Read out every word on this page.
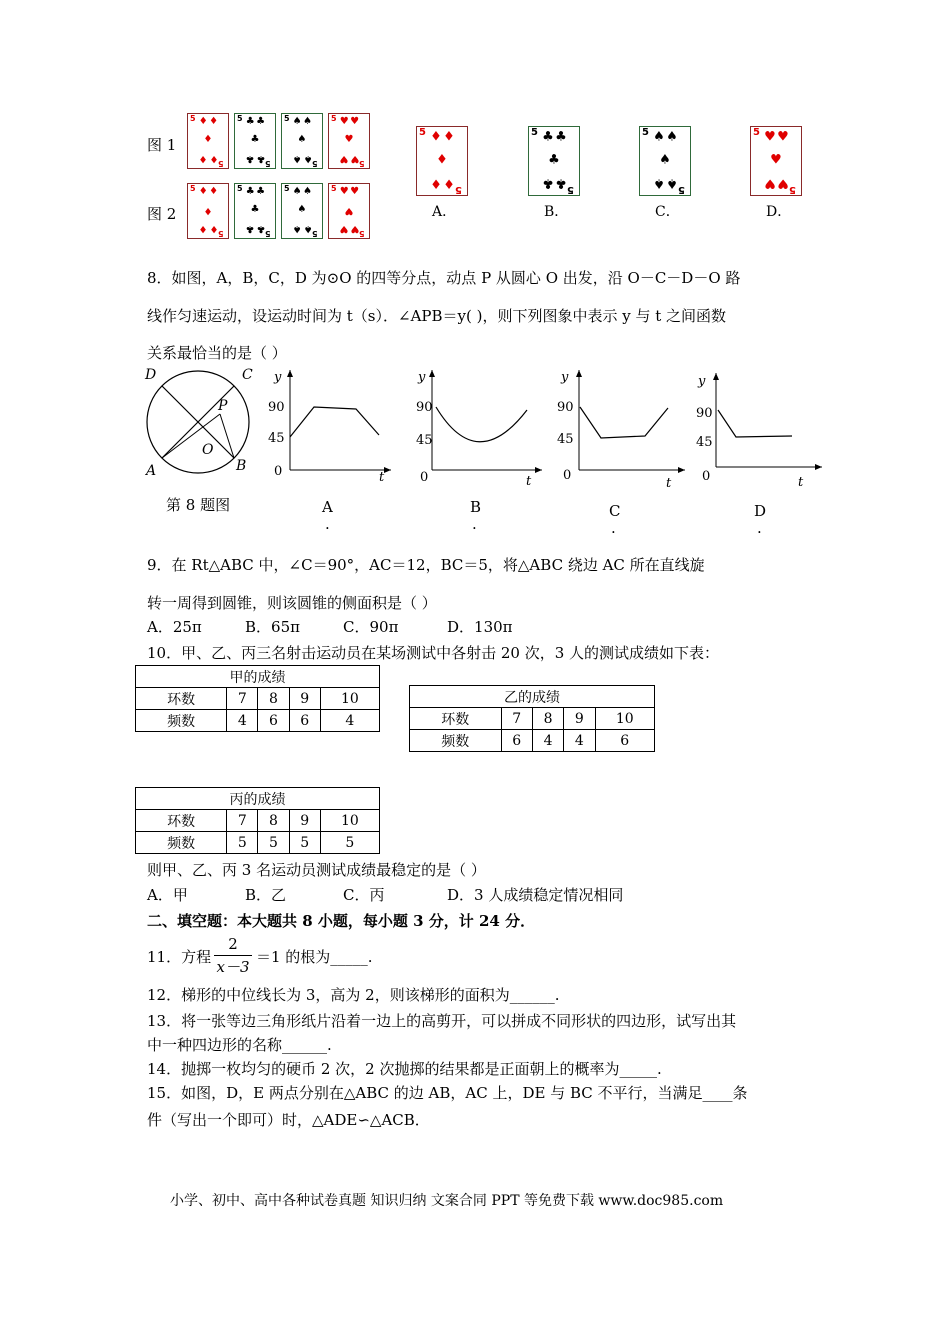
图 1
图 2
5
5
♦ ♦
♦
♦ ♦
5
5
♣ ♣
♣
♣ ♣
5
5
♠ ♠
♠
♠ ♠
5
5
♥ ♥
♥
♥ ♥
5
5
♦ ♦
♦
♦ ♦
5
5
♣ ♣
♣
♣ ♣
5
5
♠ ♠
♠
♠ ♠
5
5
♥ ♥
♥
♥ ♥
5
5
♦ ♦
♦
♦ ♦
A．
5
5
♣ ♣
♣
♣ ♣
B．
5
5
♠ ♠
♠
♠ ♠
C．
5
5
♥ ♥
♥
♥ ♥
D．
8．如图，A，B，C，D 为⊙O 的四等分点，动点 P 从圆心 O 出发，沿 O－C－D－O 路
线作匀速运动，设运动时间为 t（s）．∠APB＝y( )，则下列图象中表示 y 与 t 之间函数
关系最恰当的是（ ）
D	C
P
O
A	B
第 8 题图
y
90
45
0	t
y
90
45
0	t
y
90
45
0
t
y
90
45
0	t
A
.
B
.
C
.
D
.
9．在 Rt△ABC 中，∠C＝90°，AC＝12，BC＝5，将△ABC 绕边 AC 所在直线旋
转一周得到圆锥，则该圆锥的侧面积是（ ）
A．25π	B．65π	C．90π	D．130π
10．甲、乙、丙三名射击运动员在某场测试中各射击 20 次，3 人的测试成绩如下表：
甲的成绩				
环数	7	8	9	10
频数	4	6	6	4
乙的成绩				
环数	7	8	9	10
频数	6	4	4	6
丙的成绩				
环数	7	8	9	10
频数	5	5	5	5
则甲、乙、丙 3 名运动员测试成绩最稳定的是（ ）
A．甲	B．乙	C．丙	D．3 人成绩稳定情况相同
二、填空题：本大题共 8 小题，每小题 3 分，计 24 分．
11．方程
2
x－3
＝1 的根为_____.
12．梯形的中位线长为 3，高为 2，则该梯形的面积为______.
13．将一张等边三角形纸片沿着一边上的高剪开，可以拼成不同形状的四边形，试写出其
中一种四边形的名称______.
14．抛掷一枚均匀的硬币 2 次，2 次抛掷的结果都是正面朝上的概率为_____.
15．如图，D，E 两点分别在△ABC 的边 AB，AC 上，DE 与 BC 不平行，当满足____条
件（写出一个即可）时，△ADE∽△ACB．
小学、初中、高中各种试卷真题 知识归纳 文案合同 PPT 等免费下载 www.doc985.com
